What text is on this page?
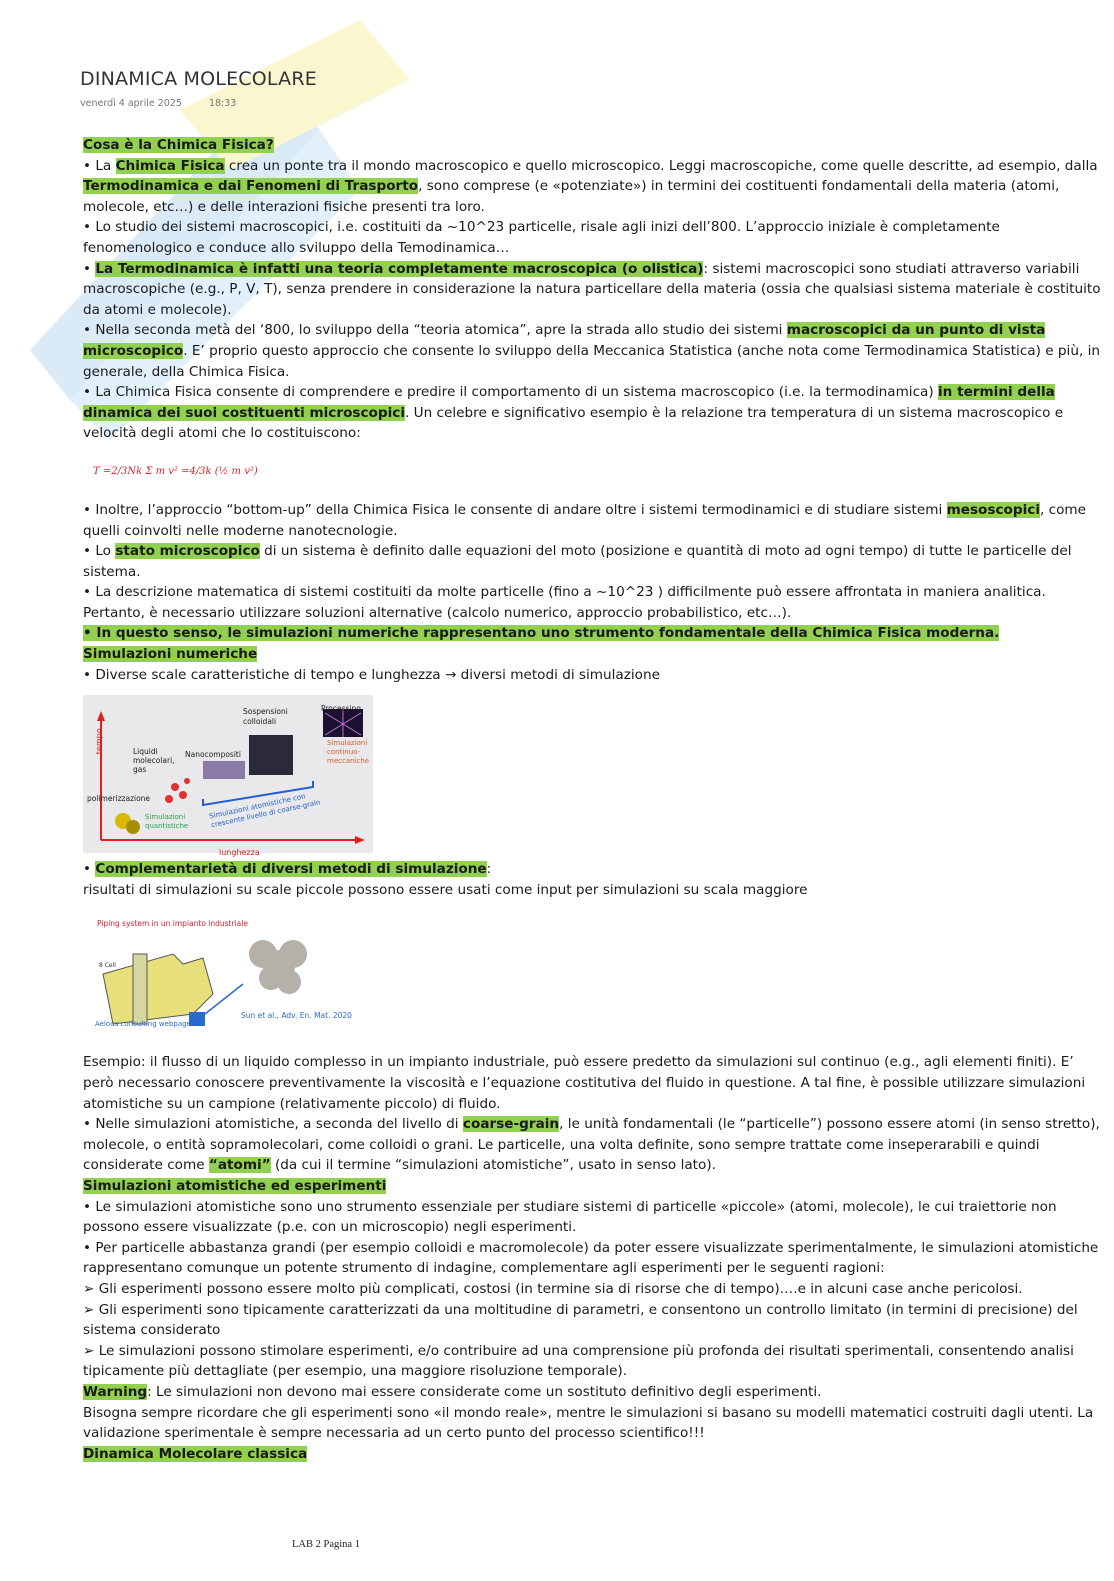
DINAMICA MOLECOLARE
venerdì 4 aprile 2025	18:33

Cosa è la Chimica Fisica?

• La Chimica Fisica crea un ponte tra il mondo macroscopico e quello microscopico. Leggi macroscopiche, come quelle descritte, ad esempio, dalla Termodinamica e dai Fenomeni di Trasporto, sono comprese (e «potenziate») in termini dei costituenti fondamentali della materia (atomi, molecole, etc…) e delle interazioni fisiche presenti tra loro.

• Lo studio dei sistemi macroscopici, i.e. costituiti da ~10^23 particelle, risale agli inizi dell’800. L’approccio iniziale è completamente fenomenologico e conduce allo sviluppo della Temodinamica…

• La Termodinamica è infatti una teoria completamente macroscopica (o olistica): sistemi macroscopici sono studiati attraverso variabili macroscopiche (e.g., P, V, T), senza prendere in considerazione la natura particellare della materia (ossia che qualsiasi sistema materiale è costituito da atomi e molecole).

• Nella seconda metà del ‘800, lo sviluppo della “teoria atomica”, apre la strada allo studio dei sistemi macroscopici da un punto di vista microscopico. E’ proprio questo approccio che consente lo sviluppo della Meccanica Statistica (anche nota come Termodinamica Statistica) e più, in generale, della Chimica Fisica.

• La Chimica Fisica consente di comprendere e predire il comportamento di un sistema macroscopico (i.e. la termodinamica) in termini della dinamica dei suoi costituenti microscopici. Un celebre e significativo esempio è la relazione tra temperatura di un sistema macroscopico e velocità degli atomi che lo costituiscono:

T = 2/3Nk Σ m v² = 4/3k (½ m v²)

• Inoltre, l’approccio “bottom-up” della Chimica Fisica le consente di andare oltre i sistemi termodinamici e di studiare sistemi mesoscopici, come quelli coinvolti nelle moderne nanotecnologie.

• Lo stato microscopico di un sistema è definito dalle equazioni del moto (posizione e quantità di moto ad ogni tempo) di tutte le particelle del sistema.

• La descrizione matematica di sistemi costituiti da molte particelle (fino a ~10^23 ) difficilmente può essere affrontata in maniera analitica. Pertanto, è necessario utilizzare soluzioni alternative (calcolo numerico, approccio probabilistico, etc…).

• In questo senso, le simulazioni numeriche rappresentano uno strumento fondamentale della Chimica Fisica moderna.

Simulazioni numeriche

• Diverse scale caratteristiche di tempo e lunghezza → diversi metodi di simulazione

tempo
lunghezza
Sospensioni colloidali
Processing
Simulazioni continuo-meccaniche
Liquidi molecolari, gas
Nanocompositi
polimerizzazione
Simulazioni quantistiche
Simulazioni atomistiche con crescente livello di coarse-grain

• Complementarietà di diversi metodi di simulazione:

risultati di simulazioni su scale piccole possono essere usati come input per simulazioni su scala maggiore

Piping system in un impianto industriale
8 Cell
Aelous consulting webpage
Sun et al., Adv. En. Mat. 2020

Esempio: il flusso di un liquido complesso in un impianto industriale, può essere predetto da simulazioni sul continuo (e.g., agli elementi finiti). E’ però necessario conoscere preventivamente la viscosità e l’equazione costitutiva del fluido in questione. A tal fine, è possible utilizzare simulazioni atomistiche su un campione (relativamente piccolo) di fluido.

• Nelle simulazioni atomistiche, a seconda del livello di coarse-grain, le unità fondamentali (le “particelle”) possono essere atomi (in senso stretto), molecole, o entità sopramolecolari, come colloidi o grani. Le particelle, una volta definite, sono sempre trattate come inseperarabili e quindi considerate come “atomi” (da cui il termine “simulazioni atomistiche”, usato in senso lato).

Simulazioni atomistiche ed esperimenti

• Le simulazioni atomistiche sono uno strumento essenziale per studiare sistemi di particelle «piccole» (atomi, molecole), le cui traiettorie non possono essere visualizzate (p.e. con un microscopio) negli esperimenti.

• Per particelle abbastanza grandi (per esempio colloidi e macromolecole) da poter essere visualizzate sperimentalmente, le simulazioni atomistiche rappresentano comunque un potente strumento di indagine, complementare agli esperimenti per le seguenti ragioni:

➢ Gli esperimenti possono essere molto più complicati, costosi (in termine sia di risorse che di tempo)….e in alcuni case anche pericolosi.

➢ Gli esperimenti sono tipicamente caratterizzati da una moltitudine di parametri, e consentono un controllo limitato (in termini di precisione) del sistema considerato

➢ Le simulazioni possono stimolare esperimenti, e/o contribuire ad una comprensione più profonda dei risultati sperimentali, consentendo analisi tipicamente più dettagliate (per esempio, una maggiore risoluzione temporale).

Warning: Le simulazioni non devono mai essere considerate come un sostituto definitivo degli esperimenti.

Bisogna sempre ricordare che gli esperimenti sono «il mondo reale», mentre le simulazioni si basano su modelli matematici costruiti dagli utenti. La validazione sperimentale è sempre necessaria ad un certo punto del processo scientifico!!!

Dinamica Molecolare classica

LAB 2 Pagina 1
